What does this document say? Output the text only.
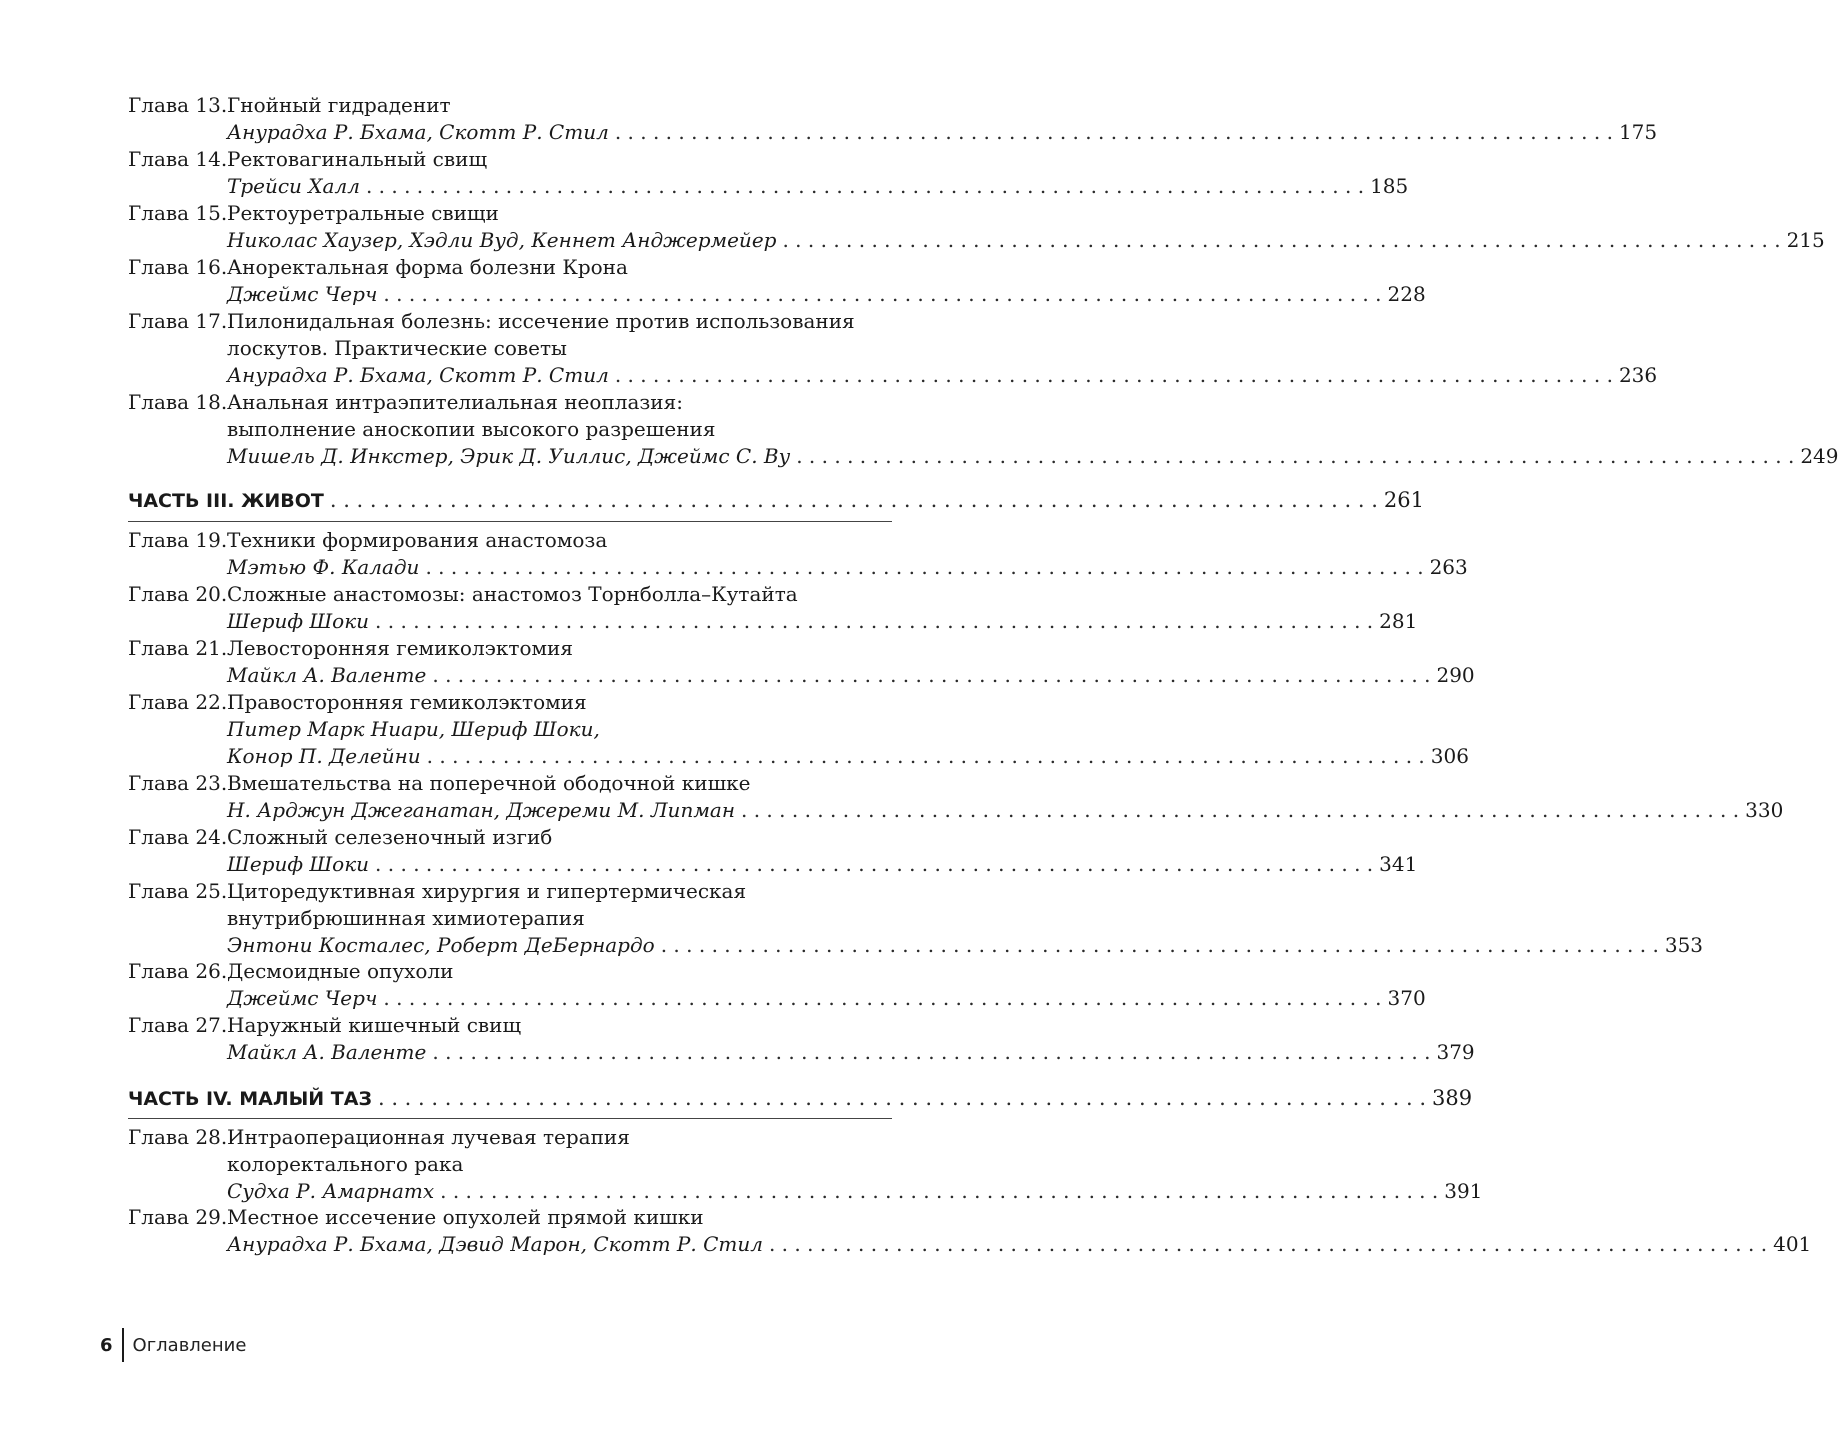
Глава 13. Гнойный гидраденит
Анурадха Р. Бхама, Скотт Р. Стил . . . . . . . . . . . . . . . . . . . . . . . . . . . . . . . . . . . . . . . . . . . . . . . . . . . . . . . . . . . . . . . . . . . . . . . . . . . . . . . 175
Глава 14. Ректовагинальный свищ
Трейси Халл . . . . . . . . . . . . . . . . . . . . . . . . . . . . . . . . . . . . . . . . . . . . . . . . . . . . . . . . . . . . . . . . . . . . . . . . . . . . . . . 185
Глава 15. Ректоуретральные свищи
Николас Хаузер, Хэдли Вуд, Кеннет Анджермейер . . . . . . . . . . . . . . . . . . . . . . . . . . . . . . . . . . . . . . . . . . . . . . . . . . . . . . . . . . . . . . . . . . . . . . . . . . . . . . . 215
Глава 16. Аноректальная форма болезни Крона
Джеймс Черч . . . . . . . . . . . . . . . . . . . . . . . . . . . . . . . . . . . . . . . . . . . . . . . . . . . . . . . . . . . . . . . . . . . . . . . . . . . . . . . 228
Глава 17. Пилонидальная болезнь: иссечение против использования
лоскутов. Практические советы
Анурадха Р. Бхама, Скотт Р. Стил . . . . . . . . . . . . . . . . . . . . . . . . . . . . . . . . . . . . . . . . . . . . . . . . . . . . . . . . . . . . . . . . . . . . . . . . . . . . . . . 236
Глава 18. Анальная интраэпителиальная неоплазия:
выполнение аноскопии высокого разрешения
Мишель Д. Инкстер, Эрик Д. Уиллис, Джеймс С. Ву . . . . . . . . . . . . . . . . . . . . . . . . . . . . . . . . . . . . . . . . . . . . . . . . . . . . . . . . . . . . . . . . . . . . . . . . . . . . . . . 249
ЧАСТЬ III. ЖИВОТ . . . . . . . . . . . . . . . . . . . . . . . . . . . . . . . . . . . . . . . . . . . . . . . . . . . . . . . . . . . . . . . . . . . . . . . . . . . . . . . 261
Глава 19. Техники формирования анастомоза
Мэтью Ф. Калади . . . . . . . . . . . . . . . . . . . . . . . . . . . . . . . . . . . . . . . . . . . . . . . . . . . . . . . . . . . . . . . . . . . . . . . . . . . . . . . 263
Глава 20. Сложные анастомозы: анастомоз Торнболла–Кутайта
Шериф Шоки . . . . . . . . . . . . . . . . . . . . . . . . . . . . . . . . . . . . . . . . . . . . . . . . . . . . . . . . . . . . . . . . . . . . . . . . . . . . . . . 281
Глава 21. Левосторонняя гемиколэктомия
Майкл А. Валенте . . . . . . . . . . . . . . . . . . . . . . . . . . . . . . . . . . . . . . . . . . . . . . . . . . . . . . . . . . . . . . . . . . . . . . . . . . . . . . . 290
Глава 22. Правосторонняя гемиколэктомия
Питер Марк Ниари, Шериф Шоки,
Конор П. Делейни . . . . . . . . . . . . . . . . . . . . . . . . . . . . . . . . . . . . . . . . . . . . . . . . . . . . . . . . . . . . . . . . . . . . . . . . . . . . . . . 306
Глава 23. Вмешательства на поперечной ободочной кишке
Н. Арджун Джеганатан, Джереми М. Липман . . . . . . . . . . . . . . . . . . . . . . . . . . . . . . . . . . . . . . . . . . . . . . . . . . . . . . . . . . . . . . . . . . . . . . . . . . . . . . . 330
Глава 24. Сложный селезеночный изгиб
Шериф Шоки . . . . . . . . . . . . . . . . . . . . . . . . . . . . . . . . . . . . . . . . . . . . . . . . . . . . . . . . . . . . . . . . . . . . . . . . . . . . . . . 341
Глава 25. Циторедуктивная хирургия и гипертермическая
внутрибрюшинная химиотерапия
Энтони Косталес, Роберт ДеБернардо . . . . . . . . . . . . . . . . . . . . . . . . . . . . . . . . . . . . . . . . . . . . . . . . . . . . . . . . . . . . . . . . . . . . . . . . . . . . . . . 353
Глава 26. Десмоидные опухоли
Джеймс Черч . . . . . . . . . . . . . . . . . . . . . . . . . . . . . . . . . . . . . . . . . . . . . . . . . . . . . . . . . . . . . . . . . . . . . . . . . . . . . . . 370
Глава 27. Наружный кишечный свищ
Майкл А. Валенте . . . . . . . . . . . . . . . . . . . . . . . . . . . . . . . . . . . . . . . . . . . . . . . . . . . . . . . . . . . . . . . . . . . . . . . . . . . . . . . 379
ЧАСТЬ IV. МАЛЫЙ ТАЗ . . . . . . . . . . . . . . . . . . . . . . . . . . . . . . . . . . . . . . . . . . . . . . . . . . . . . . . . . . . . . . . . . . . . . . . . . . . . . . . 389
Глава 28. Интраоперационная лучевая терапия
колоректального рака
Судха Р. Амарнатх . . . . . . . . . . . . . . . . . . . . . . . . . . . . . . . . . . . . . . . . . . . . . . . . . . . . . . . . . . . . . . . . . . . . . . . . . . . . . . . 391
Глава 29. Местное иссечение опухолей прямой кишки
Анурадха Р. Бхама, Дэвид Марон, Скотт Р. Стил . . . . . . . . . . . . . . . . . . . . . . . . . . . . . . . . . . . . . . . . . . . . . . . . . . . . . . . . . . . . . . . . . . . . . . . . . . . . . . . 401
6	Оглавление
